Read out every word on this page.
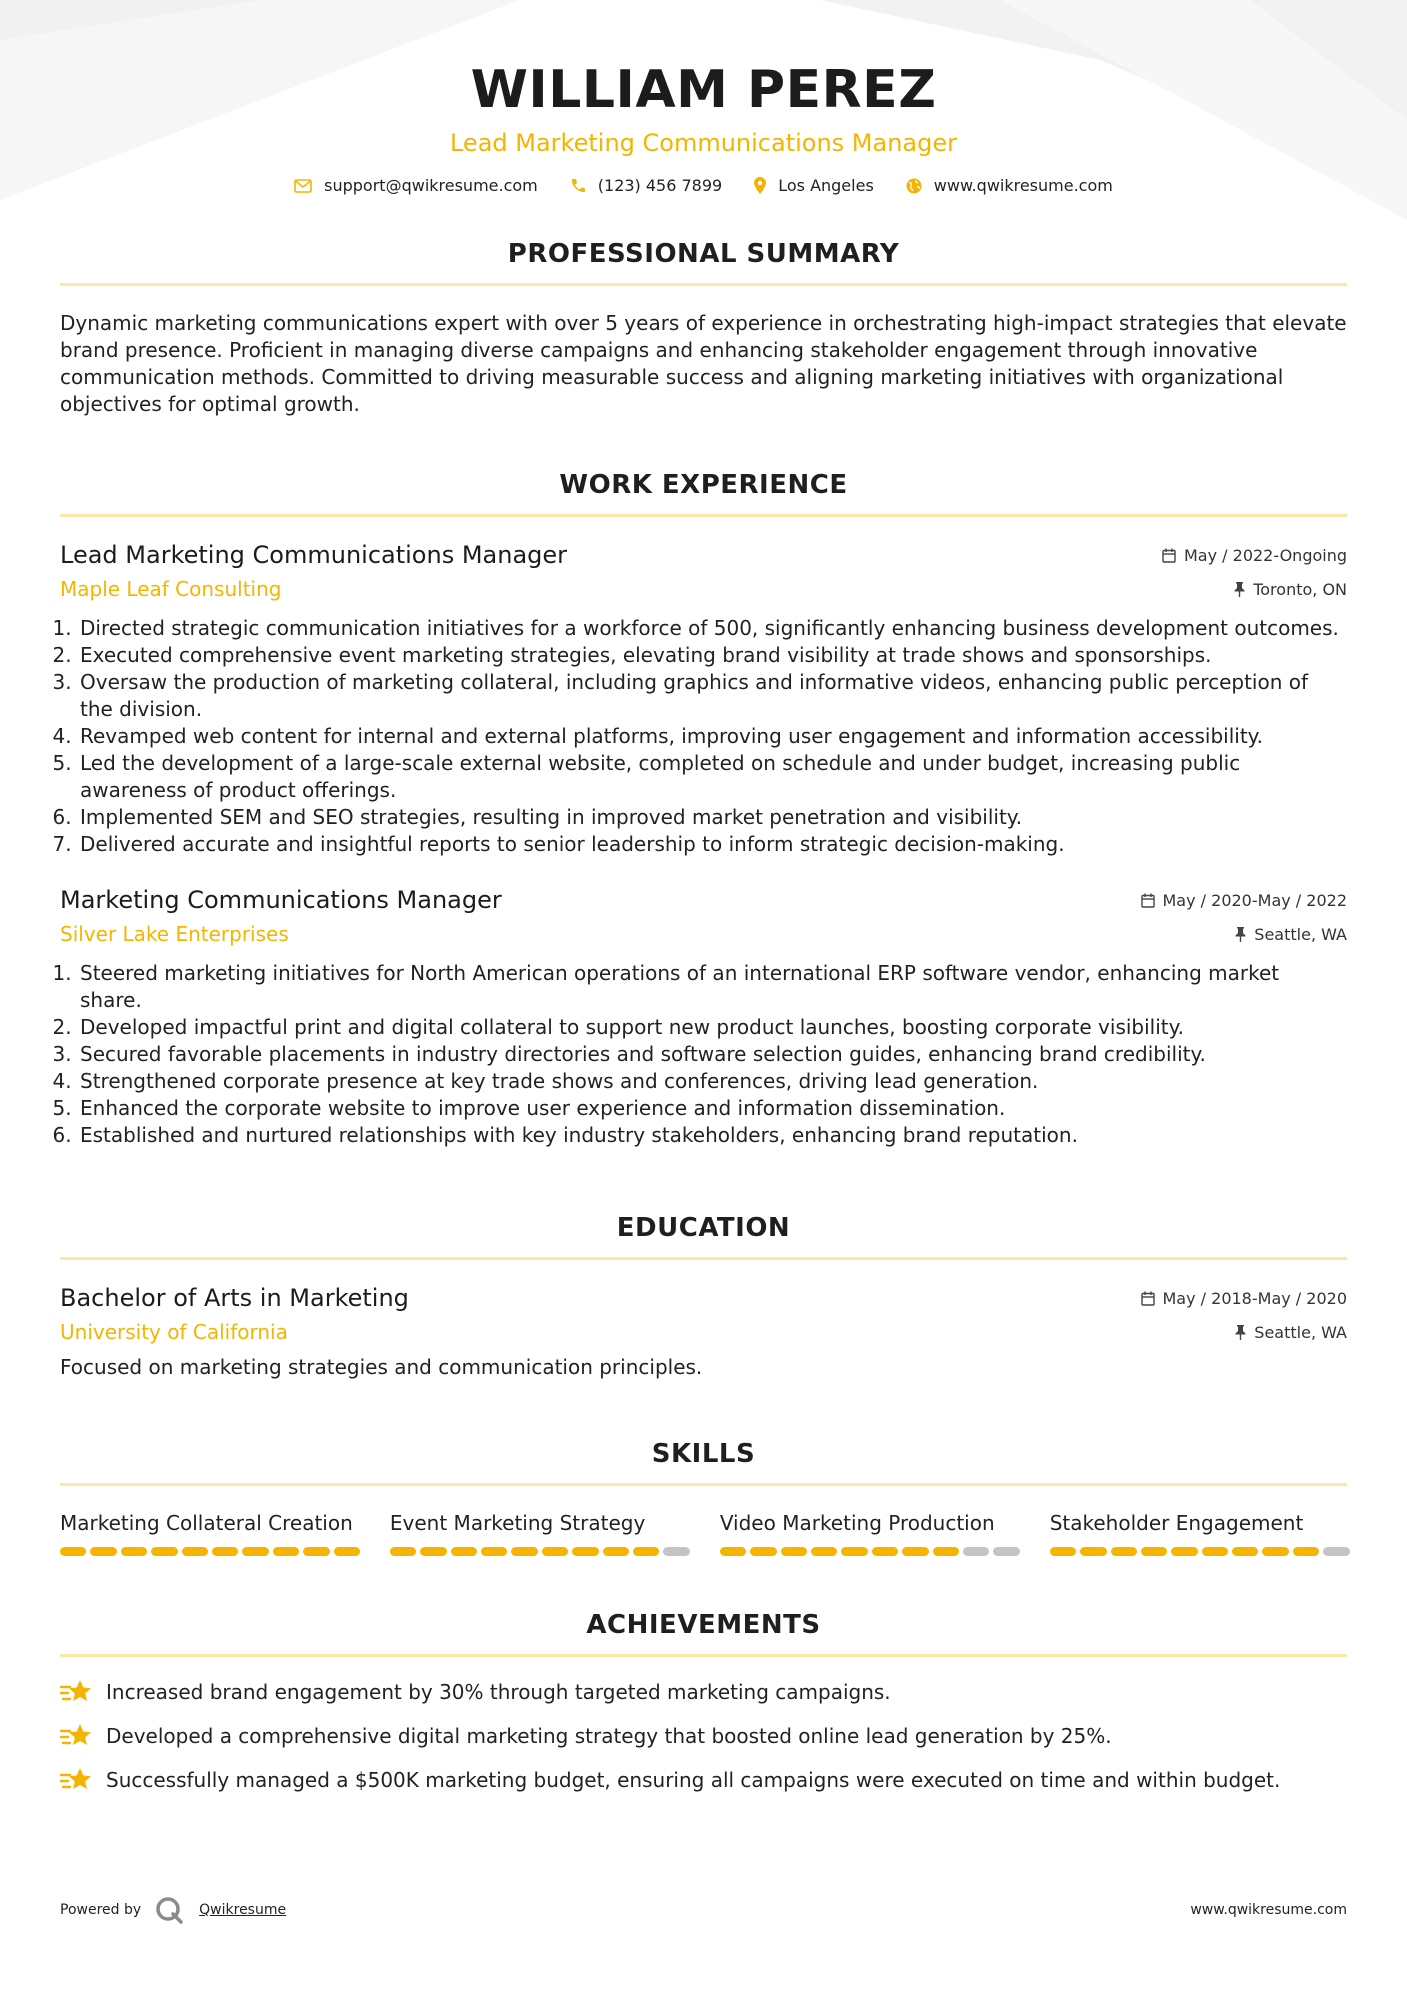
WILLIAM PEREZ
Lead Marketing Communications Manager
support@qwikresume.com	(123) 456 7899	Los Angeles	www.qwikresume.com
PROFESSIONAL SUMMARY
Dynamic marketing communications expert with over 5 years of experience in orchestrating high-impact strategies that elevate brand presence. Proficient in managing diverse campaigns and enhancing stakeholder engagement through innovative communication methods. Committed to driving measurable success and aligning marketing initiatives with organizational objectives for optimal growth.
WORK EXPERIENCE
Lead Marketing Communications Manager	May / 2022-Ongoing
Maple Leaf Consulting	Toronto, ON
1. Directed strategic communication initiatives for a workforce of 500, significantly enhancing business development outcomes.
2. Executed comprehensive event marketing strategies, elevating brand visibility at trade shows and sponsorships.
3. Oversaw the production of marketing collateral, including graphics and informative videos, enhancing public perception of the division.
4. Revamped web content for internal and external platforms, improving user engagement and information accessibility.
5. Led the development of a large-scale external website, completed on schedule and under budget, increasing public awareness of product offerings.
6. Implemented SEM and SEO strategies, resulting in improved market penetration and visibility.
7. Delivered accurate and insightful reports to senior leadership to inform strategic decision-making.
Marketing Communications Manager	May / 2020-May / 2022
Silver Lake Enterprises	Seattle, WA
1. Steered marketing initiatives for North American operations of an international ERP software vendor, enhancing market share.
2. Developed impactful print and digital collateral to support new product launches, boosting corporate visibility.
3. Secured favorable placements in industry directories and software selection guides, enhancing brand credibility.
4. Strengthened corporate presence at key trade shows and conferences, driving lead generation.
5. Enhanced the corporate website to improve user experience and information dissemination.
6. Established and nurtured relationships with key industry stakeholders, enhancing brand reputation.
EDUCATION
Bachelor of Arts in Marketing	May / 2018-May / 2020
University of California	Seattle, WA
Focused on marketing strategies and communication principles.
SKILLS
Marketing Collateral Creation	Event Marketing Strategy	Video Marketing Production	Stakeholder Engagement
ACHIEVEMENTS
Increased brand engagement by 30% through targeted marketing campaigns.
Developed a comprehensive digital marketing strategy that boosted online lead generation by 25%.
Successfully managed a $500K marketing budget, ensuring all campaigns were executed on time and within budget.
Powered by	Qwikresume	www.qwikresume.com
